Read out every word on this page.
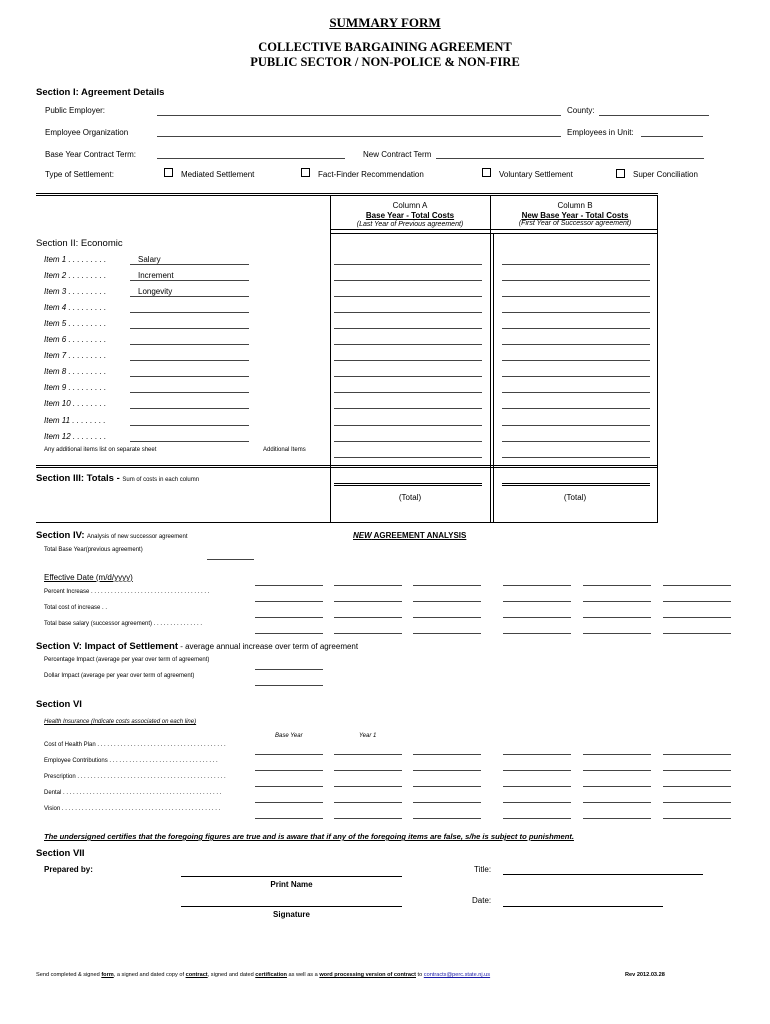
SUMMARY FORM
COLLECTIVE BARGAINING AGREEMENT
PUBLIC SECTOR / NON-POLICE & NON-FIRE
Section I: Agreement Details
Public Employer:	County:
Employee Organization	Employees in Unit:
Base Year Contract Term:	New Contract Term
Type of Settlement:	Mediated Settlement	Fact-Finder Recommendation	Voluntary Settlement	Super Conciliation
Column A
Base Year - Total Costs
(Last Year of Previous agreement)
Column B
New Base Year - Total Costs
(First Year of Successor agreement)
Section II: Economic
Item 1 . . . . . . . . .	Salary
Item 2 . . . . . . . . .	Increment
Item 3 . . . . . . . . .	Longevity
Item 4 . . . . . . . . .
Item 5 . . . . . . . . .
Item 6 . . . . . . . . .
Item 7 . . . . . . . . .
Item 8 . . . . . . . . .
Item 9 . . . . . . . . .
Item 10 . . . . . . . .
Item 11 . . . . . . . .
Item 12 . . . . . . . .
Any additional items list on separate sheet	Additional Items
Section III: Totals - Sum of costs in each column
(Total)	(Total)
Section IV: Analysis of new successor agreement	NEW AGREEMENT ANALYSIS
Total Base Year(previous agreement)
Effective Date (m/d/yyyy)
Percent Increase . . . . . . . . . . . . . . . . . . . . . . . . . . . . . . . . . . . .
Total cost of increase . .
Total base salary (successor agreement) . . . . . . . . . . . . . . .
Section V: Impact of Settlement - average annual increase over term of agreement
Percentage Impact (average per year over term of agreement)
Dollar Impact (average per year over term of agreement)
Section VI
Health Insurance (Indicate costs associated on each line)
Base Year	Year 1
Cost of Health Plan . . . . . . . . . . . . . . . . . . . . . . . . . . . . . . . . . . . . . . .
Employee Contributions . . . . . . . . . . . . . . . . . . . . . . . . . . . . . . . . .
Prescription . . . . . . . . . . . . . . . . . . . . . . . . . . . . . . . . . . . . . . . . . . . . .
Dental . . . . . . . . . . . . . . . . . . . . . . . . . . . . . . . . . . . . . . . . . . . . . . . .
Vision . . . . . . . . . . . . . . . . . . . . . . . . . . . . . . . . . . . . . . . . . . . . . . . .
The undersigned certifies that the foregoing figures are true and is aware that if any of the foregoing items are false, s/he is subject to punishment.
Section VII
Prepared by:
Print Name
Signature
Title:
Date:
Send completed & signed form, a signed and dated copy of contract, signed and dated certification as well as a word processing version of contract to contracts@perc.state.nj.us	Rev 2012.03.28
